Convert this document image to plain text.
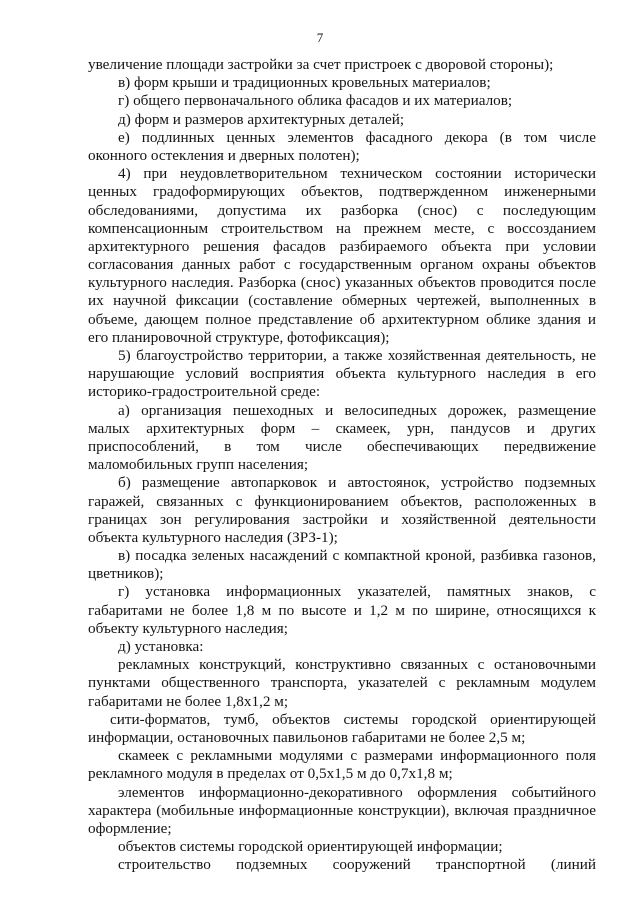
7
увеличение площади застройки за счет пристроек с дворовой стороны);
в) форм крыши и традиционных кровельных материалов;
г) общего первоначального облика фасадов и их материалов;
д) форм и размеров архитектурных деталей;
е) подлинных ценных элементов фасадного декора (в том числе
оконного остекления и дверных полотен);
4) при неудовлетворительном техническом состоянии исторически
ценных градоформирующих объектов, подтвержденном инженерными
обследованиями, допустима их разборка (снос) с последующим
компенсационным строительством на прежнем месте, с воссозданием
архитектурного решения фасадов разбираемого объекта при условии
согласования данных работ с государственным органом охраны объектов
культурного наследия. Разборка (снос) указанных объектов проводится после
их научной фиксации (составление обмерных чертежей, выполненных в
объеме, дающем полное представление об архитектурном облике здания и
его планировочной структуре, фотофиксация);
5) благоустройство территории, а также хозяйственная деятельность, не
нарушающие условий восприятия объекта культурного наследия в его
историко-градостроительной среде:
а) организация пешеходных и велосипедных дорожек, размещение
малых архитектурных форм – скамеек, урн, пандусов и других
приспособлений, в том числе обеспечивающих передвижение
маломобильных групп населения;
б) размещение автопарковок и автостоянок, устройство подземных
гаражей, связанных с функционированием объектов, расположенных в
границах зон регулирования застройки и хозяйственной деятельности
объекта культурного наследия (ЗРЗ-1);
в) посадка зеленых насаждений с компактной кроной, разбивка газонов,
цветников);
г) установка информационных указателей, памятных знаков, с
габаритами не более 1,8 м по высоте и 1,2 м по ширине, относящихся к
объекту культурного наследия;
д) установка:
рекламных конструкций, конструктивно связанных с остановочными
пунктами общественного транспорта, указателей с рекламным модулем
габаритами не более 1,8х1,2 м;
сити-форматов, тумб, объектов системы городской ориентирующей
информации, остановочных павильонов габаритами не более 2,5 м;
скамеек с рекламными модулями с размерами информационного поля
рекламного модуля в пределах от 0,5х1,5 м до 0,7х1,8 м;
элементов информационно-декоративного оформления событийного
характера (мобильные информационные конструкции), включая праздничное
оформление;
объектов системы городской ориентирующей информации;
строительство подземных сооружений транспортной (линий
